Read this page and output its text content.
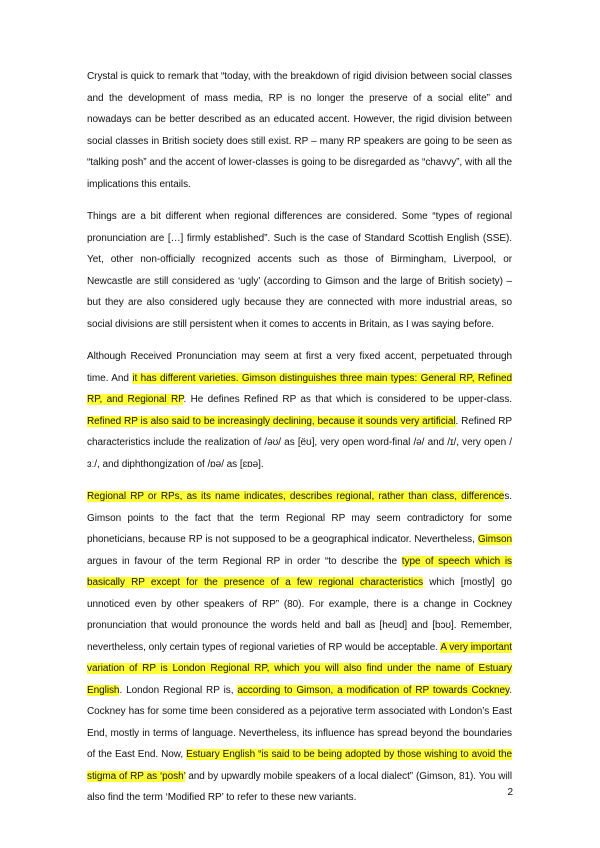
Crystal is quick to remark that “today, with the breakdown of rigid division between social classes and the development of mass media, RP is no longer the preserve of a social elite” and nowadays can be better described as an educated accent. However, the rigid division between social classes in British society does still exist. RP – many RP speakers are going to be seen as “talking posh” and the accent of lower-classes is going to be disregarded as “chavvy”, with all the implications this entails.
Things are a bit different when regional differences are considered. Some “types of regional pronunciation are […] firmly established”. Such is the case of Standard Scottish English (SSE). Yet, other non-officially recognized accents such as those of Birmingham, Liverpool, or Newcastle are still considered as ‘ugly’ (according to Gimson and the large of British society) – but they are also considered ugly because they are connected with more industrial areas, so social divisions are still persistent when it comes to accents in Britain, as I was saying before.
Although Received Pronunciation may seem at first a very fixed accent, perpetuated through time. And it has different varieties. Gimson distinguishes three main types: General RP, Refined RP, and Regional RP. He defines Refined RP as that which is considered to be upper-class. Refined RP is also said to be increasingly declining, because it sounds very artificial. Refined RP characteristics include the realization of /əʊ/ as [ëʊ], very open word-final /ə/ and /ɪ/, very open /ɜː/, and diphthongization of /ɒə/ as [ɛɒə].
Regional RP or RPs, as its name indicates, describes regional, rather than class, differences. Gimson points to the fact that the term Regional RP may seem contradictory for some phoneticians, because RP is not supposed to be a geographical indicator. Nevertheless, Gimson argues in favour of the term Regional RP in order “to describe the type of speech which is basically RP except for the presence of a few regional characteristics which [mostly] go unnoticed even by other speakers of RP” (80). For example, there is a change in Cockney pronunciation that would pronounce the words held and ball as [heʊd] and [bɔʊ]. Remember, nevertheless, only certain types of regional varieties of RP would be acceptable. A very important variation of RP is London Regional RP, which you will also find under the name of Estuary English. London Regional RP is, according to Gimson, a modification of RP towards Cockney. Cockney has for some time been considered as a pejorative term associated with London’s East End, mostly in terms of language. Nevertheless, its influence has spread beyond the boundaries of the East End. Now, Estuary English “is said to be being adopted by those wishing to avoid the stigma of RP as ‘posh’ and by upwardly mobile speakers of a local dialect” (Gimson, 81). You will also find the term ‘Modified RP’ to refer to these new variants.	2
